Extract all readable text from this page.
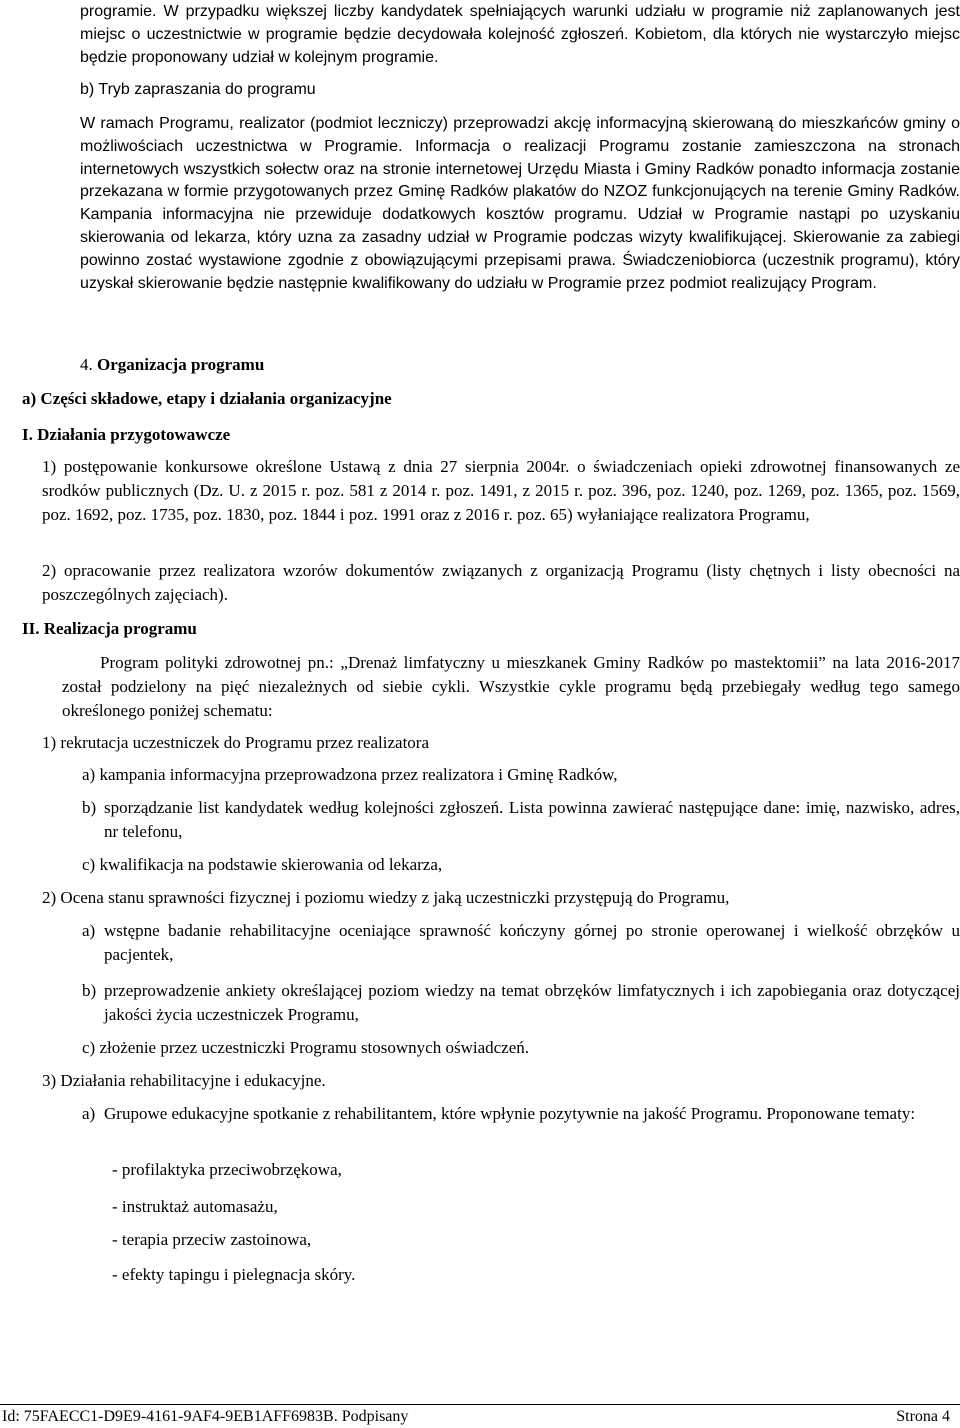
programie. W przypadku większej liczby kandydatek spełniających warunki udziału w programie niż zaplanowanych jest miejsc o uczestnictwie w programie będzie decydowała kolejność zgłoszeń. Kobietom, dla których nie wystarczyło miejsc będzie proponowany udział w kolejnym programie.
b) Tryb zapraszania do programu
W ramach Programu, realizator (podmiot leczniczy) przeprowadzi akcję informacyjną skierowaną do mieszkańców gminy o możliwościach uczestnictwa w Programie. Informacja o realizacji Programu zostanie zamieszczona na stronach internetowych wszystkich sołectw oraz na stronie internetowej Urzędu Miasta i Gminy Radków ponadto informacja zostanie przekazana w formie przygotowanych przez Gminę Radków plakatów do NZOZ funkcjonujących na terenie Gminy Radków. Kampania informacyjna nie przewiduje dodatkowych kosztów programu. Udział w Programie nastąpi po uzyskaniu skierowania od lekarza, który uzna za zasadny udział w Programie podczas wizyty kwalifikującej. Skierowanie za zabiegi powinno zostać wystawione zgodnie z obowiązującymi przepisami prawa. Świadczeniobiorca (uczestnik programu), który uzyskał skierowanie będzie następnie kwalifikowany do udziału w Programie przez podmiot realizujący Program.
4. Organizacja programu
a) Części składowe, etapy i działania organizacyjne
I. Działania przygotowawcze
1) postępowanie konkursowe określone Ustawą z dnia 27 sierpnia 2004r. o świadczeniach opieki zdrowotnej finansowanych ze srodków publicznych (Dz. U. z 2015 r. poz. 581 z 2014 r. poz. 1491, z 2015 r. poz. 396, poz. 1240, poz. 1269, poz. 1365, poz. 1569, poz. 1692, poz. 1735, poz. 1830, poz. 1844 i poz. 1991 oraz z 2016 r. poz. 65) wyłaniające realizatora Programu,
2) opracowanie przez realizatora wzorów dokumentów związanych z organizacją Programu (listy chętnych i listy obecności na poszczególnych zajęciach).
II. Realizacja programu
Program polityki zdrowotnej pn.: „Drenaż limfatyczny u mieszkanek Gminy Radków po mastektomii” na lata 2016-2017 został podzielony na pięć niezależnych od siebie cykli. Wszystkie cykle programu będą przebiegały według tego samego określonego poniżej schematu:
1) rekrutacja uczestniczek do Programu przez realizatora
a) kampania informacyjna przeprowadzona przez realizatora i Gminę Radków,
b) sporządzanie list kandydatek według kolejności zgłoszeń. Lista powinna zawierać następujące dane: imię, nazwisko, adres, nr telefonu,
c) kwalifikacja na podstawie skierowania od lekarza,
2) Ocena stanu sprawności fizycznej i poziomu wiedzy z jaką uczestniczki przystępują do Programu,
a) wstępne badanie rehabilitacyjne oceniające sprawność kończyny górnej po stronie operowanej i wielkość obrzęków u pacjentek,
b) przeprowadzenie ankiety określającej poziom wiedzy na temat obrzęków limfatycznych i ich zapobiegania oraz dotyczącej jakości życia uczestniczek Programu,
c) złożenie przez uczestniczki Programu stosownych oświadczeń.
3) Działania rehabilitacyjne i edukacyjne.
a) Grupowe edukacyjne spotkanie z rehabilitantem, które wpłynie pozytywnie na jakość Programu. Proponowane tematy:
- profilaktyka przeciwobrzękowa,
- instruktaż automasażu,
- terapia przeciw zastoinowa,
- efekty tapingu i pielegnacja skóry.
Id: 75FAECC1-D9E9-4161-9AF4-9EB1AFF6983B. Podpisany	Strona 4
